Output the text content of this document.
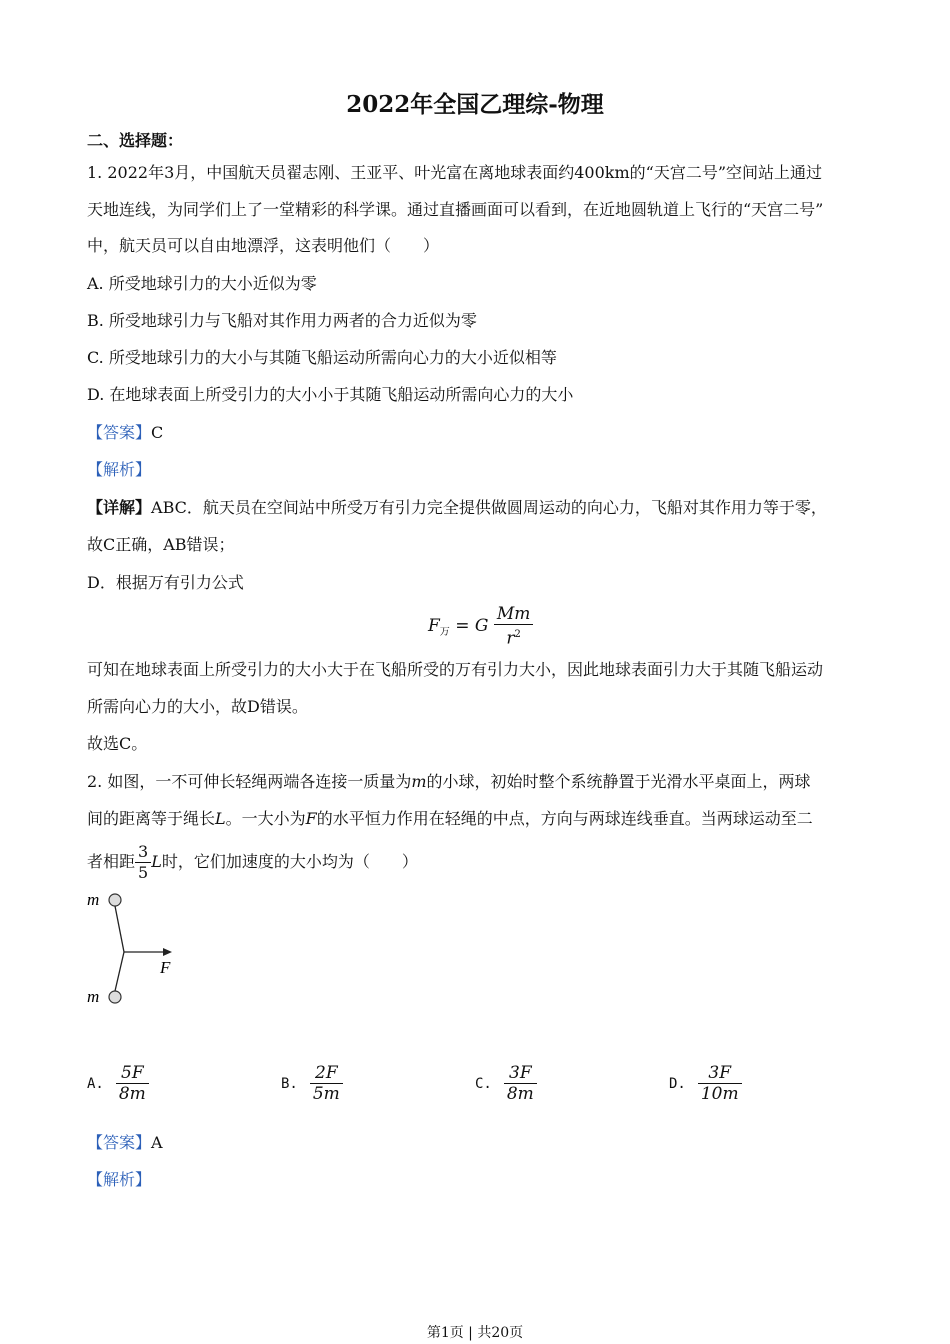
2022年全国乙理综-物理
二、选择题：
1. 2022年3月，中国航天员翟志刚、王亚平、叶光富在离地球表面约400km的“天宫二号”空间站上通过
天地连线，为同学们上了一堂精彩的科学课。通过直播画面可以看到，在近地圆轨道上飞行的“天宫二号”
中，航天员可以自由地漂浮，这表明他们（　　）
A. 所受地球引力的大小近似为零
B. 所受地球引力与飞船对其作用力两者的合力近似为零
C. 所受地球引力的大小与其随飞船运动所需向心力的大小近似相等
D. 在地球表面上所受引力的大小小于其随飞船运动所需向心力的大小
【答案】C
【解析】
【详解】ABC．航天员在空间站中所受万有引力完全提供做圆周运动的向心力，飞船对其作用力等于零，
故C正确，AB错误；
D．根据万有引力公式
$F_万 = G \frac{Mm}{r^2}$
可知在地球表面上所受引力的大小大于在飞船所受的万有引力大小，因此地球表面引力大于其随飞船运动
所需向心力的大小，故D错误。
故选C。
2. 如图，一不可伸长轻绳两端各连接一质量为m的小球，初始时整个系统静置于光滑水平桌面上，两球
间的距离等于绳长L。一大小为F的水平恒力作用在轻绳的中点，方向与两球连线垂直。当两球运动至二
者相距 $\frac{3}{5}$ L时，它们加速度的大小均为（　　）
m
F
m
A. $\frac{5F}{8m}$	B. $\frac{2F}{5m}$	C. $\frac{3F}{8m}$	D. $\frac{3F}{10m}$
【答案】A
【解析】
第1页 | 共20页
